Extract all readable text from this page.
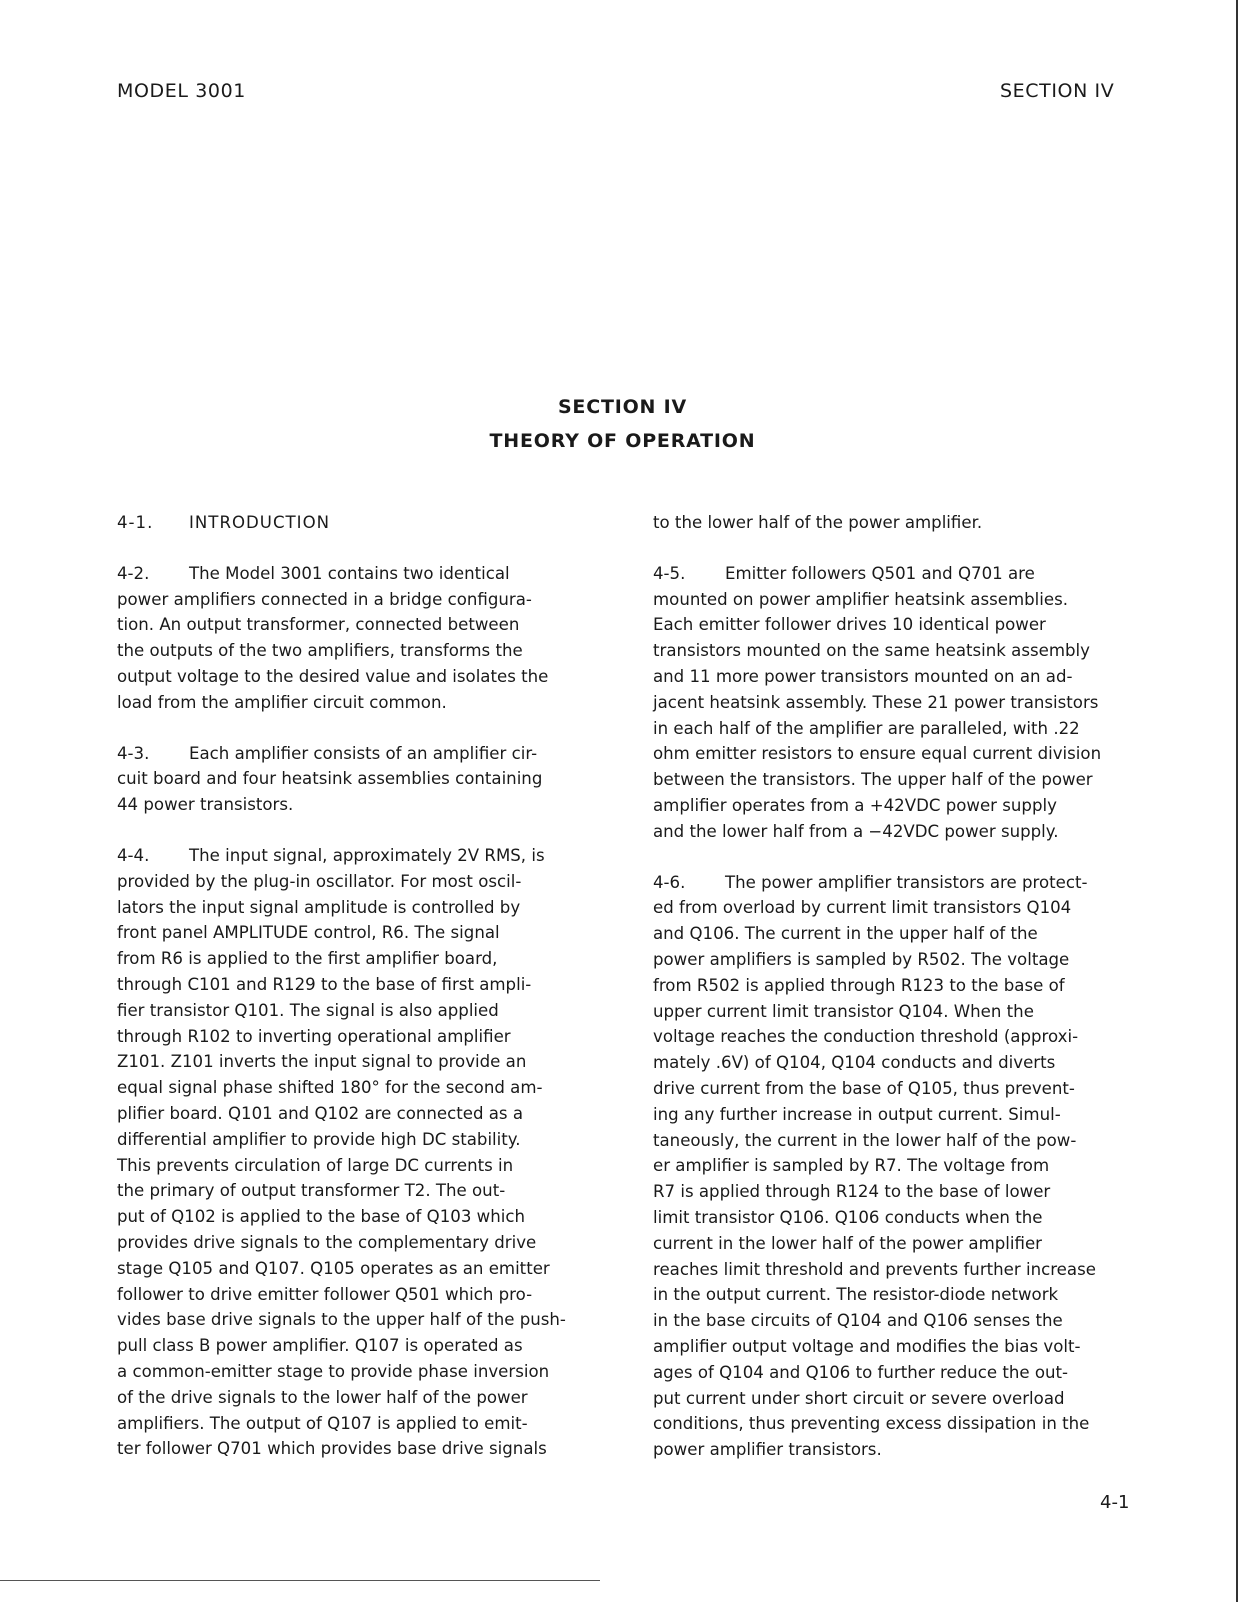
MODEL 3001	SECTION IV
SECTION IV
THEORY OF OPERATION
4-1. INTRODUCTION
4-2. The Model 3001 contains two identical
power amplifiers connected in a bridge configura-
tion. An output transformer, connected between
the outputs of the two amplifiers, transforms the
output voltage to the desired value and isolates the
load from the amplifier circuit common.
4-3. Each amplifier consists of an amplifier cir-
cuit board and four heatsink assemblies containing
44 power transistors.
4-4. The input signal, approximately 2V RMS, is
provided by the plug-in oscillator. For most oscil-
lators the input signal amplitude is controlled by
front panel AMPLITUDE control, R6. The signal
from R6 is applied to the first amplifier board,
through C101 and R129 to the base of first ampli-
fier transistor Q101. The signal is also applied
through R102 to inverting operational amplifier
Z101. Z101 inverts the input signal to provide an
equal signal phase shifted 180° for the second am-
plifier board. Q101 and Q102 are connected as a
differential amplifier to provide high DC stability.
This prevents circulation of large DC currents in
the primary of output transformer T2. The out-
put of Q102 is applied to the base of Q103 which
provides drive signals to the complementary drive
stage Q105 and Q107. Q105 operates as an emitter
follower to drive emitter follower Q501 which pro-
vides base drive signals to the upper half of the push-
pull class B power amplifier. Q107 is operated as
a common-emitter stage to provide phase inversion
of the drive signals to the lower half of the power
amplifiers. The output of Q107 is applied to emit-
ter follower Q701 which provides base drive signals
to the lower half of the power amplifier.
4-5. Emitter followers Q501 and Q701 are
mounted on power amplifier heatsink assemblies.
Each emitter follower drives 10 identical power
transistors mounted on the same heatsink assembly
and 11 more power transistors mounted on an ad-
jacent heatsink assembly. These 21 power transistors
in each half of the amplifier are paralleled, with .22
ohm emitter resistors to ensure equal current division
between the transistors. The upper half of the power
amplifier operates from a +42VDC power supply
and the lower half from a −42VDC power supply.
4-6. The power amplifier transistors are protect-
ed from overload by current limit transistors Q104
and Q106. The current in the upper half of the
power amplifiers is sampled by R502. The voltage
from R502 is applied through R123 to the base of
upper current limit transistor Q104. When the
voltage reaches the conduction threshold (approxi-
mately .6V) of Q104, Q104 conducts and diverts
drive current from the base of Q105, thus prevent-
ing any further increase in output current. Simul-
taneously, the current in the lower half of the pow-
er amplifier is sampled by R7. The voltage from
R7 is applied through R124 to the base of lower
limit transistor Q106. Q106 conducts when the
current in the lower half of the power amplifier
reaches limit threshold and prevents further increase
in the output current. The resistor-diode network
in the base circuits of Q104 and Q106 senses the
amplifier output voltage and modifies the bias volt-
ages of Q104 and Q106 to further reduce the out-
put current under short circuit or severe overload
conditions, thus preventing excess dissipation in the
power amplifier transistors.
4-1
